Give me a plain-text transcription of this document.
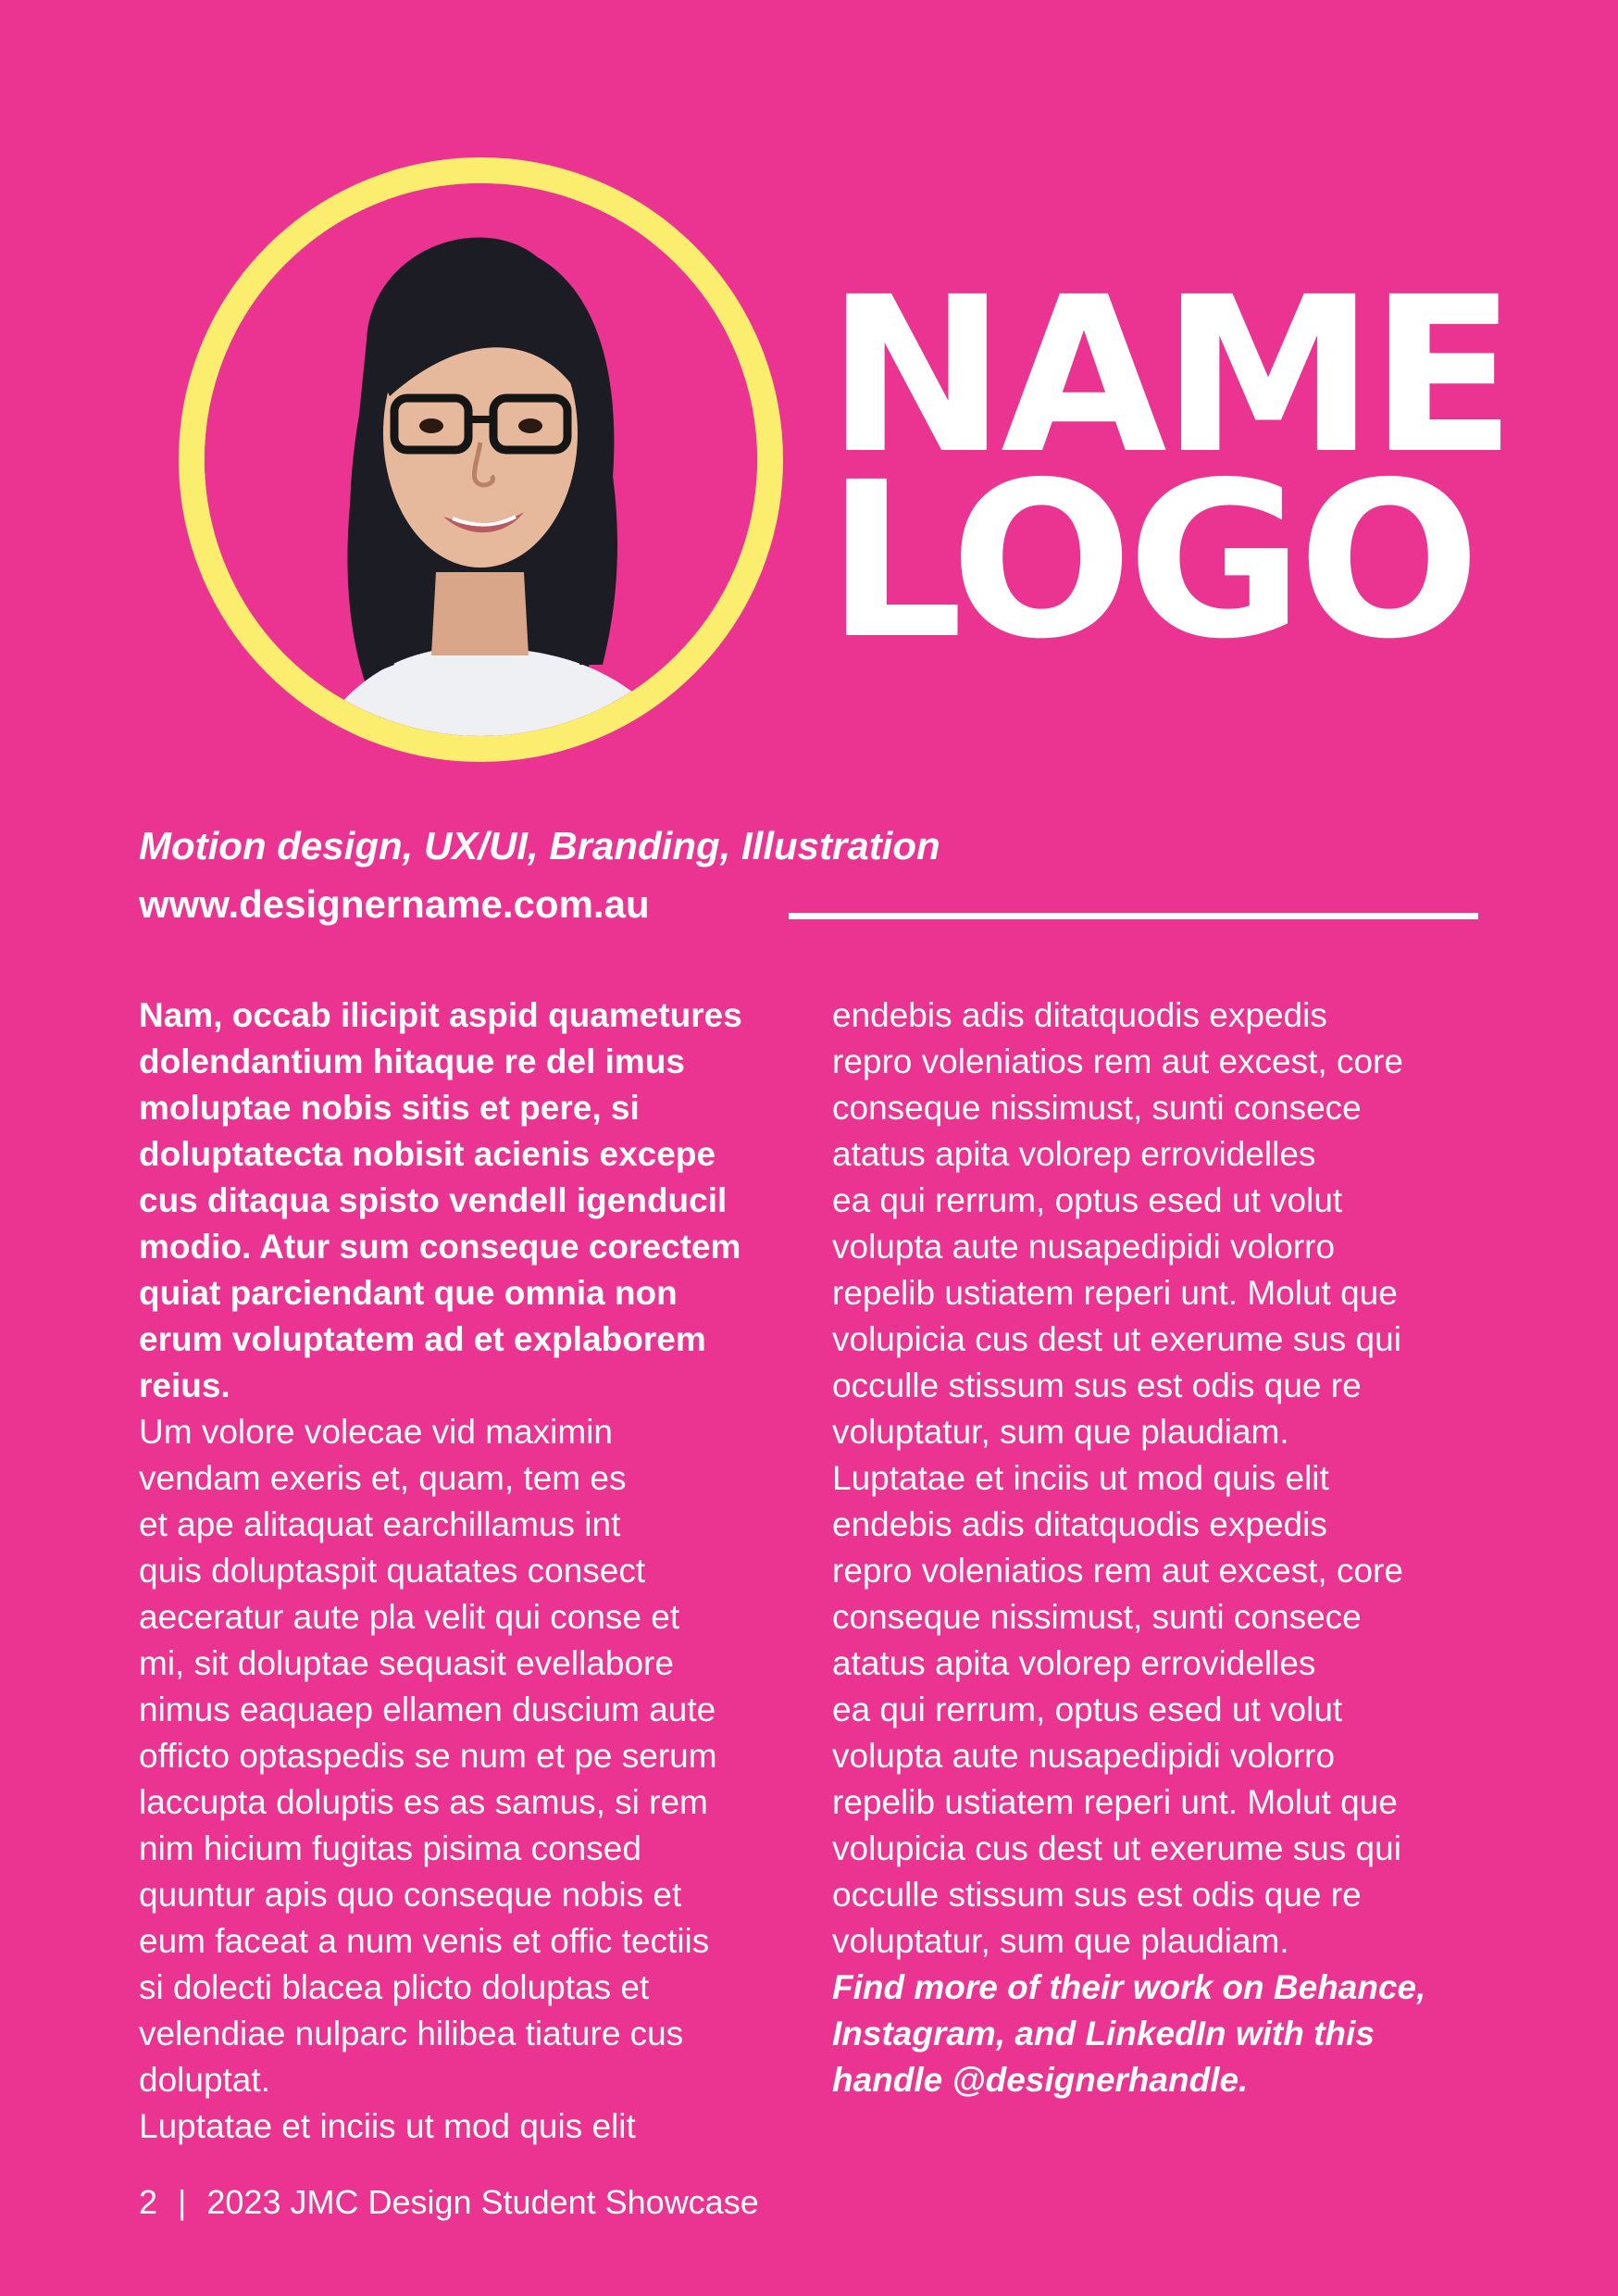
NAME
LOGO
Motion design, UX/UI, Branding, Illustration
www.designername.com.au
Nam, occab ilicipit aspid quametures
dolendantium hitaque re del imus
moluptae nobis sitis et pere, si
doluptatecta nobisit acienis excepe
cus ditaqua spisto vendell igenducil
modio. Atur sum conseque corectem
quiat parciendant que omnia non
erum voluptatem ad et explaborem
reius.
Um volore volecae vid maximin
vendam exeris et, quam, tem es
et ape alitaquat earchillamus int
quis doluptaspit quatates consect
aeceratur aute pla velit qui conse et
mi, sit doluptae sequasit evellabore
nimus eaquaep ellamen duscium aute
officto optaspedis se num et pe serum
laccupta doluptis es as samus, si rem
nim hicium fugitas pisima consed
quuntur apis quo conseque nobis et
eum faceat a num venis et offic tectiis
si dolecti blacea plicto doluptas et
velendiae nulparc hilibea tiature cus
doluptat.
Luptatae et inciis ut mod quis elit
endebis adis ditatquodis expedis
repro voleniatios rem aut excest, core
conseque nissimust, sunti consece
atatus apita volorep errovidelles
ea qui rerrum, optus esed ut volut
volupta aute nusapedipidi volorro
repelib ustiatem reperi unt. Molut que
volupicia cus dest ut exerume sus qui
occulle stissum sus est odis que re
voluptatur, sum que plaudiam.
Luptatae et inciis ut mod quis elit
endebis adis ditatquodis expedis
repro voleniatios rem aut excest, core
conseque nissimust, sunti consece
atatus apita volorep errovidelles
ea qui rerrum, optus esed ut volut
volupta aute nusapedipidi volorro
repelib ustiatem reperi unt. Molut que
volupicia cus dest ut exerume sus qui
occulle stissum sus est odis que re
voluptatur, sum que plaudiam.
Find more of their work on Behance,
Instagram, and LinkedIn with this
handle @designerhandle.
2 | 2023 JMC Design Student Showcase
